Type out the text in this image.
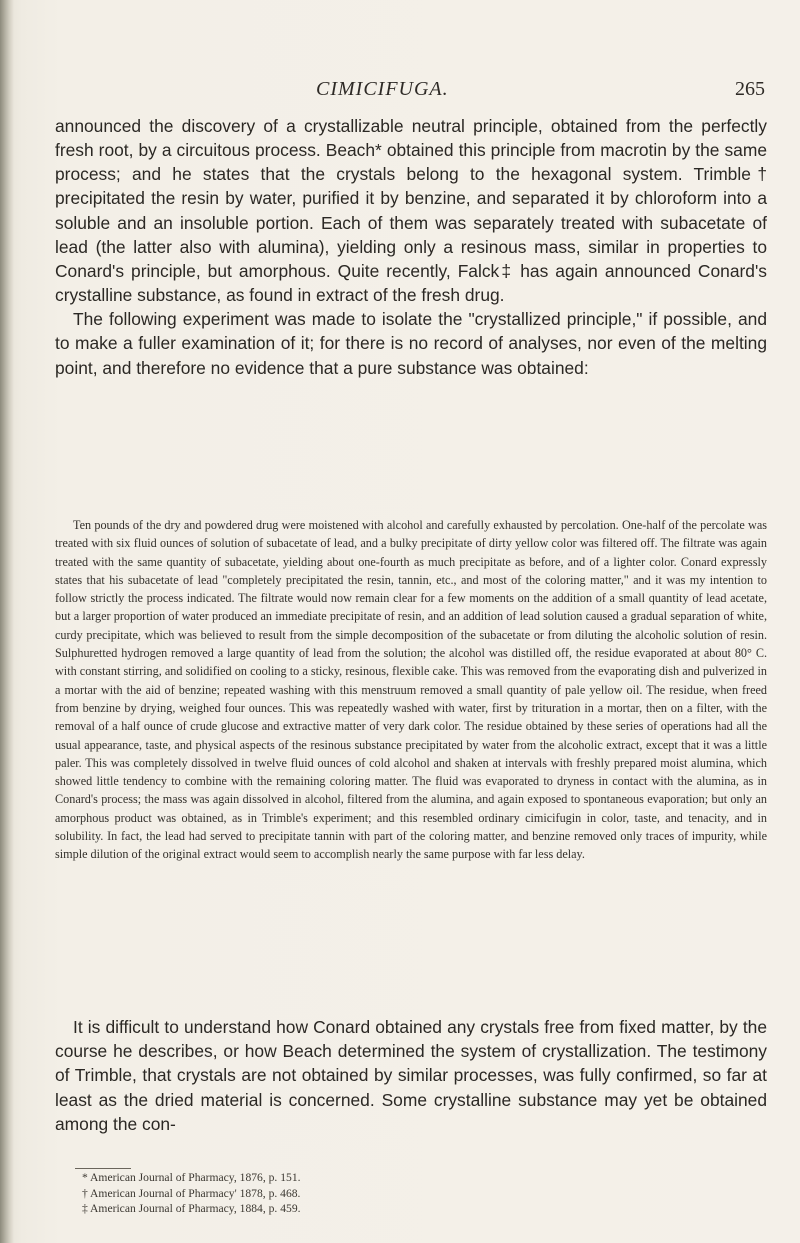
CIMICIFUGA.	265

announced the discovery of a crystallizable neutral principle, obtained from the perfectly fresh root, by a circuitous process. Beach* obtained this principle from macrotin by the same process; and he states that the crystals belong to the hexagonal system. Trimble† precipitated the resin by water, purified it by benzine, and separated it by chloroform into a soluble and an insoluble portion. Each of them was separately treated with subacetate of lead (the latter also with alumina), yielding only a resinous mass, similar in properties to Conard's principle, but amorphous. Quite recently, Falck‡ has again announced Conard's crystalline substance, as found in extract of the fresh drug.

The following experiment was made to isolate the "crystallized principle," if possible, and to make a fuller examination of it; for there is no record of analyses, nor even of the melting point, and therefore no evidence that a pure substance was obtained:

Ten pounds of the dry and powdered drug were moistened with alcohol and carefully exhausted by percolation. One-half of the percolate was treated with six fluid ounces of solution of subacetate of lead, and a bulky precipitate of dirty yellow color was filtered off. The filtrate was again treated with the same quantity of subacetate, yielding about one-fourth as much precipitate as before, and of a lighter color. Conard expressly states that his subacetate of lead "completely precipitated the resin, tannin, etc., and most of the coloring matter," and it was my intention to follow strictly the process indicated. The filtrate would now remain clear for a few moments on the addition of a small quantity of lead acetate, but a larger proportion of water produced an immediate precipitate of resin, and an addition of lead solution caused a gradual separation of white, curdy precipitate, which was believed to result from the simple decomposition of the subacetate or from diluting the alcoholic solution of resin. Sulphuretted hydrogen removed a large quantity of lead from the solution; the alcohol was distilled off, the residue evaporated at about 80° C. with constant stirring, and solidified on cooling to a sticky, resinous, flexible cake. This was removed from the evaporating dish and pulverized in a mortar with the aid of benzine; repeated washing with this menstruum removed a small quantity of pale yellow oil. The residue, when freed from benzine by drying, weighed four ounces. This was repeatedly washed with water, first by trituration in a mortar, then on a filter, with the removal of a half ounce of crude glucose and extractive matter of very dark color. The residue obtained by these series of operations had all the usual appearance, taste, and physical aspects of the resinous substance precipitated by water from the alcoholic extract, except that it was a little paler. This was completely dissolved in twelve fluid ounces of cold alcohol and shaken at intervals with freshly prepared moist alumina, which showed little tendency to combine with the remaining coloring matter. The fluid was evaporated to dryness in contact with the alumina, as in Conard's process; the mass was again dissolved in alcohol, filtered from the alumina, and again exposed to spontaneous evaporation; but only an amorphous product was obtained, as in Trimble's experiment; and this resembled ordinary cimicifugin in color, taste, and tenacity, and in solubility. In fact, the lead had served to precipitate tannin with part of the coloring matter, and benzine removed only traces of impurity, while simple dilution of the original extract would seem to accomplish nearly the same purpose with far less delay.

It is difficult to understand how Conard obtained any crystals free from fixed matter, by the course he describes, or how Beach determined the system of crystallization. The testimony of Trimble, that crystals are not obtained by similar processes, was fully confirmed, so far at least as the dried material is concerned. Some crystalline substance may yet be obtained among the con-

* American Journal of Pharmacy, 1876, p. 151.
† American Journal of Pharmacy' 1878, p. 468.
‡ American Journal of Pharmacy, 1884, p. 459.
